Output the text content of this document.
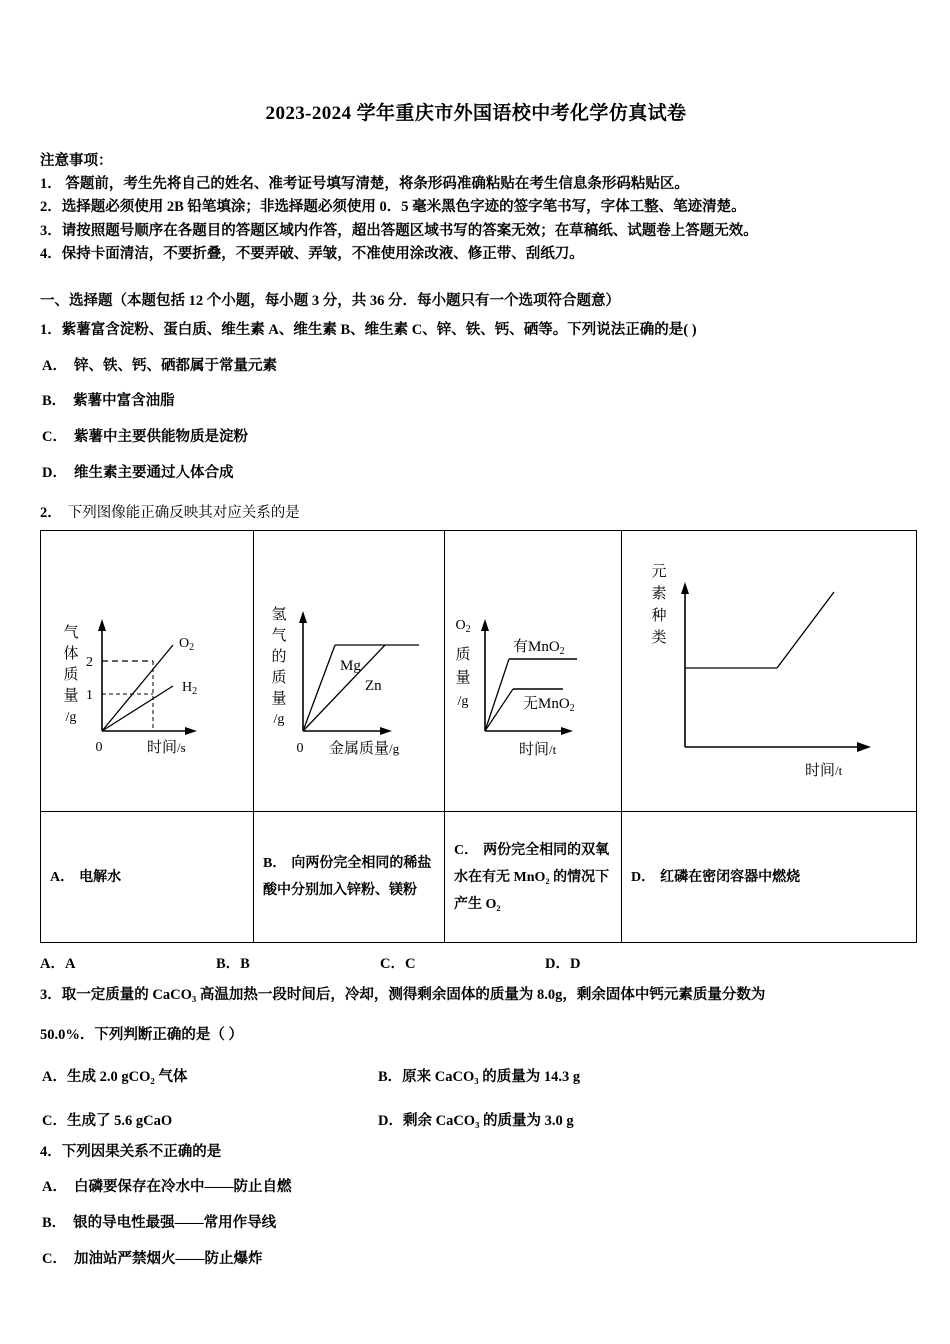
2023-2024 学年重庆市外国语校中考化学仿真试卷
注意事项：
1． 答题前，考生先将自己的姓名、准考证号填写清楚，将条形码准确粘贴在考生信息条形码粘贴区。
2．选择题必须使用 2B 铅笔填涂；非选择题必须使用 0．5 毫米黑色字迹的签字笔书写，字体工整、笔迹清楚。
3．请按照题号顺序在各题目的答题区域内作答，超出答题区域书写的答案无效；在草稿纸、试题卷上答题无效。
4．保持卡面清洁，不要折叠，不要弄破、弄皱，不准使用涂改液、修正带、刮纸刀。
一、选择题（本题包括 12 个小题，每小题 3 分，共 36 分．每小题只有一个选项符合题意）
1．紫薯富含淀粉、蛋白质、维生素 A、维生素 B、维生素 C、锌、铁、钙、硒等。下列说法正确的是( )
A． 锌、铁、钙、硒都属于常量元素
B． 紫薯中富含油脂
C． 紫薯中主要供能物质是淀粉
D． 维生素主要通过人体合成
2． 下列图像能正确反映其对应关系的是
气
体
质
量
/g
2
1
$O_2$
$H_2$
0	时间/s

氢
气
的
质
量
/g
Mg
Zn
0 金属质量/g

$O_2$
质
量
/g
有MnO$_2$
无MnO$_2$
时间/t

元
素
种
类
时间/t

A． 电解水	B． 向两份完全相同的稀盐酸中分别加入锌粉、镁粉	C． 两份完全相同的双氧水在有无 MnO₂ 的情况下产生 O₂	D． 红磷在密闭容器中燃烧
A．A	B．B	C．C	D．D
3．取一定质量的 CaCO₃ 高温加热一段时间后，冷却，测得剩余固体的质量为 8.0g，剩余固体中钙元素质量分数为
50.0%．下列判断正确的是（ ）
A．生成 2.0 gCO₂ 气体	B．原来 CaCO₃ 的质量为 14.3 g
C．生成了 5.6 gCaO	D．剩余 CaCO₃ 的质量为 3.0 g
4．下列因果关系不正确的是
A． 白磷要保存在冷水中——防止自燃
B． 银的导电性最强——常用作导线
C． 加油站严禁烟火——防止爆炸
